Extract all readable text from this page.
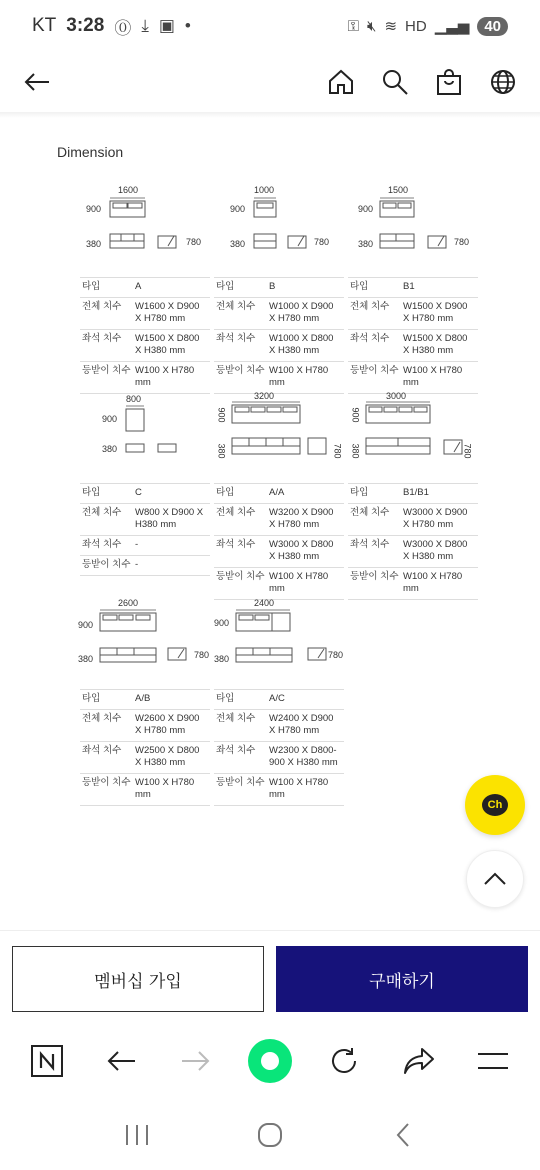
KT 3:28 ⓪ ⤓ ▣ •	⚿ 🔇︎ ≋ HD ▁▃▅	40
Dimension
1600
900
380	780
타입	A
전체 치수	W1600 X D900 X H780 mm
좌석 치수	W1500 X D800 X H380 mm
등받이 치수	W100 X H780 mm
1000
900
380	780
타입	B
전체 치수	W1000 X D900 X H780 mm
좌석 치수	W1000 X D800 X H380 mm
등받이 치수	W100 X H780 mm
1500
900
380	780
타입	B1
전체 치수	W1500 X D900 X H780 mm
좌석 치수	W1500 X D800 X H380 mm
등받이 치수	W100 X H780 mm
800
900
380
타입	C
전체 치수	W800 X D900 X H380 mm
좌석 치수	-
등받이 치수	-
3200
900
380	780
타입	A/A
전체 치수	W3200 X D900 X H780 mm
좌석 치수	W3000 X D800 X H380 mm
등받이 치수	W100 X H780 mm
3000
900
380	780
타입	B1/B1
전체 치수	W3000 X D900 X H780 mm
좌석 치수	W3000 X D800 X H380 mm
등받이 치수	W100 X H780 mm
2600
900
380	780
타입	A/B
전체 치수	W2600 X D900 X H780 mm
좌석 치수	W2500 X D800 X H380 mm
등받이 치수	W100 X H780 mm
2400
900
380	780
타입	A/C
전체 치수	W2400 X D900 X H780 mm
좌석 치수	W2300 X D800-900 X H380 mm
등받이 치수	W100 X H780 mm
Ch
멤버십 가입	구매하기
